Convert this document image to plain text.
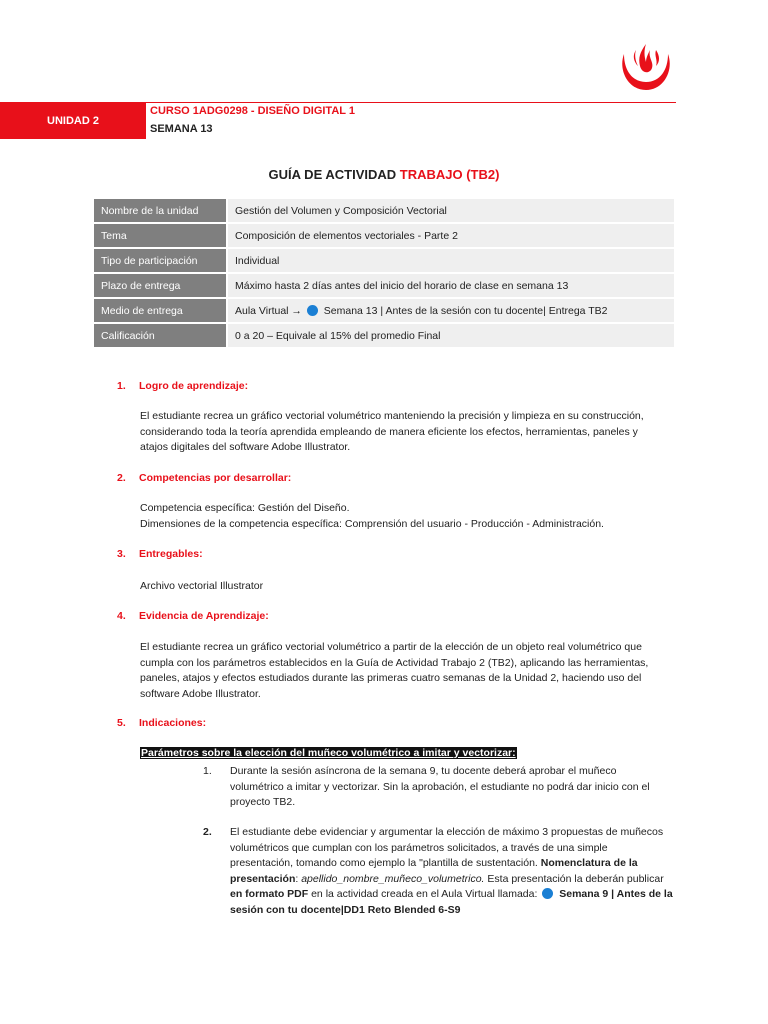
UNIDAD 2
CURSO 1ADG0298 - DISEÑO DIGITAL 1
SEMANA 13
GUÍA DE ACTIVIDAD TRABAJO (TB2)
Nombre de la unidad	Gestión del Volumen y Composición Vectorial
Tema	Composición de elementos vectoriales - Parte 2
Tipo de participación	Individual
Plazo de entrega	Máximo hasta 2 días antes del inicio del horario de clase en semana 13
Medio de entrega	Aula Virtual → Semana 13 | Antes de la sesión con tu docente| Entrega TB2
Calificación	0 a 20 – Equivale al 15% del promedio Final
1. Logro de aprendizaje:
El estudiante recrea un gráfico vectorial volumétrico manteniendo la precisión y limpieza en su construcción,
considerando toda la teoría aprendida empleando de manera eficiente los efectos, herramientas, paneles y
atajos digitales del software Adobe Illustrator.
2. Competencias por desarrollar:
Competencia específica: Gestión del Diseño.
Dimensiones de la competencia específica: Comprensión del usuario - Producción - Administración.
3. Entregables:
Archivo vectorial Illustrator
4. Evidencia de Aprendizaje:
El estudiante recrea un gráfico vectorial volumétrico a partir de la elección de un objeto real volumétrico que
cumpla con los parámetros establecidos en la Guía de Actividad Trabajo 2 (TB2), aplicando las herramientas,
paneles, atajos y efectos estudiados durante las primeras cuatro semanas de la Unidad 2, haciendo uso del
software Adobe Illustrator.
5. Indicaciones:
Parámetros sobre la elección del muñeco volumétrico a imitar y vectorizar:
1. Durante la sesión asíncrona de la semana 9, tu docente deberá aprobar el muñeco
volumétrico a imitar y vectorizar. Sin la aprobación, el estudiante no podrá dar inicio con el
proyecto TB2.
2. El estudiante debe evidenciar y argumentar la elección de máximo 3 propuestas de muñecos
volumétricos que cumplan con los parámetros solicitados, a través de una simple
presentación, tomando como ejemplo la "plantilla de sustentación. Nomenclatura de la
presentación: apellido_nombre_muñeco_volumetrico. Esta presentación la deberán publicar
en formato PDF en la actividad creada en el Aula Virtual llamada: Semana 9 | Antes de la
sesión con tu docente|DD1 Reto Blended 6-S9
